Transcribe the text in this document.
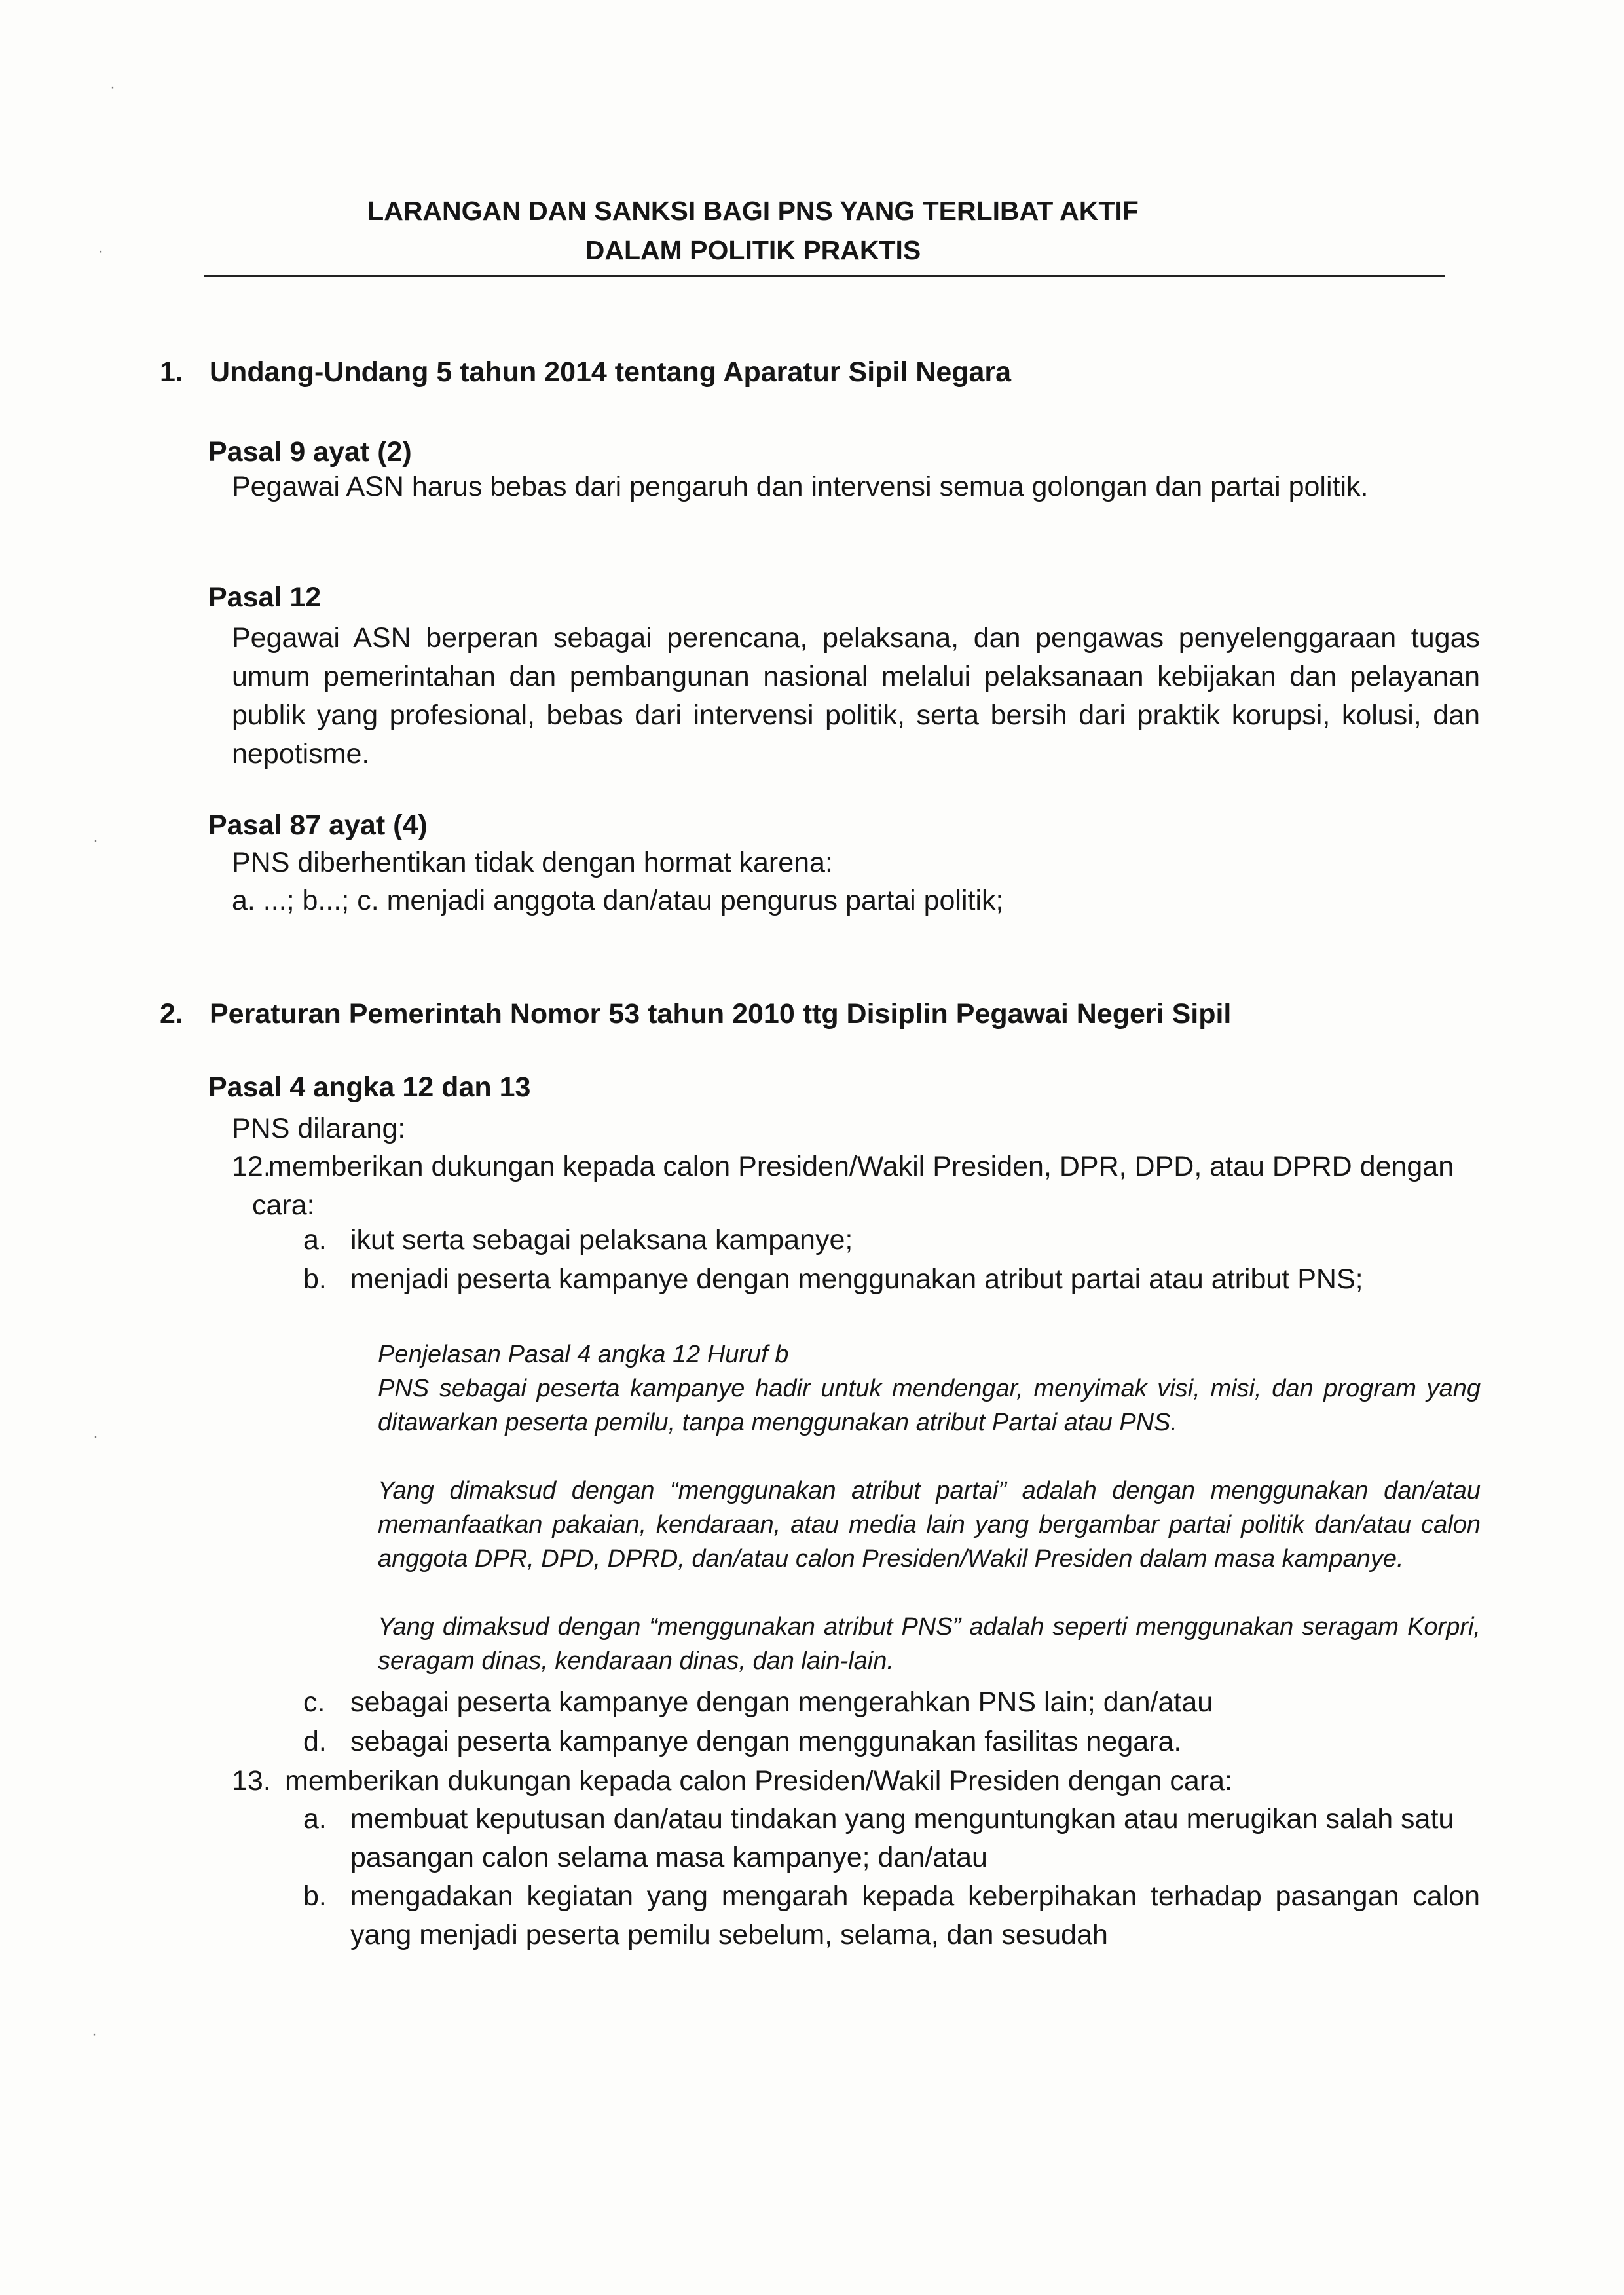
·
·
·
·
·
LARANGAN DAN SANKSI BAGI PNS YANG TERLIBAT AKTIF
DALAM POLITIK PRAKTIS
1. Undang-Undang 5 tahun 2014 tentang Aparatur Sipil Negara
Pasal 9 ayat (2)
Pegawai ASN harus bebas dari pengaruh dan intervensi semua golongan dan partai politik.
Pasal 12
Pegawai ASN berperan sebagai perencana, pelaksana, dan pengawas penyelenggaraan tugas umum pemerintahan dan pembangunan nasional melalui pelaksanaan kebijakan dan pelayanan publik yang profesional, bebas dari intervensi politik, serta bersih dari praktik korupsi, kolusi, dan nepotisme.
Pasal 87 ayat (4)
PNS diberhentikan tidak dengan hormat karena:
a. ...; b...; c. menjadi anggota dan/atau pengurus partai politik;
2. Peraturan Pemerintah Nomor 53 tahun 2010 ttg Disiplin Pegawai Negeri Sipil
Pasal 4 angka 12 dan 13
PNS dilarang:
12.
memberikan dukungan kepada calon Presiden/Wakil Presiden, DPR, DPD, atau DPRD dengan cara:
a. ikut serta sebagai pelaksana kampanye;
b. menjadi peserta kampanye dengan menggunakan atribut partai atau atribut PNS;
Penjelasan Pasal 4 angka 12 Huruf b
PNS sebagai peserta kampanye hadir untuk mendengar, menyimak visi, misi, dan program yang ditawarkan peserta pemilu, tanpa menggunakan atribut Partai atau PNS.
Yang dimaksud dengan “menggunakan atribut partai” adalah dengan menggunakan dan/atau memanfaatkan pakaian, kendaraan, atau media lain yang bergambar partai politik dan/atau calon anggota DPR, DPD, DPRD, dan/atau calon Presiden/Wakil Presiden dalam masa kampanye.
Yang dimaksud dengan “menggunakan atribut PNS” adalah seperti menggunakan seragam Korpri, seragam dinas, kendaraan dinas, dan lain-lain.
c. sebagai peserta kampanye dengan mengerahkan PNS lain; dan/atau
d. sebagai peserta kampanye dengan menggunakan fasilitas negara.
13. memberikan dukungan kepada calon Presiden/Wakil Presiden dengan cara:
a. membuat keputusan dan/atau tindakan yang menguntungkan atau merugikan salah satu pasangan calon selama masa kampanye; dan/atau
b. mengadakan kegiatan yang mengarah kepada keberpihakan terhadap pasangan calon yang menjadi peserta pemilu sebelum, selama, dan sesudah
